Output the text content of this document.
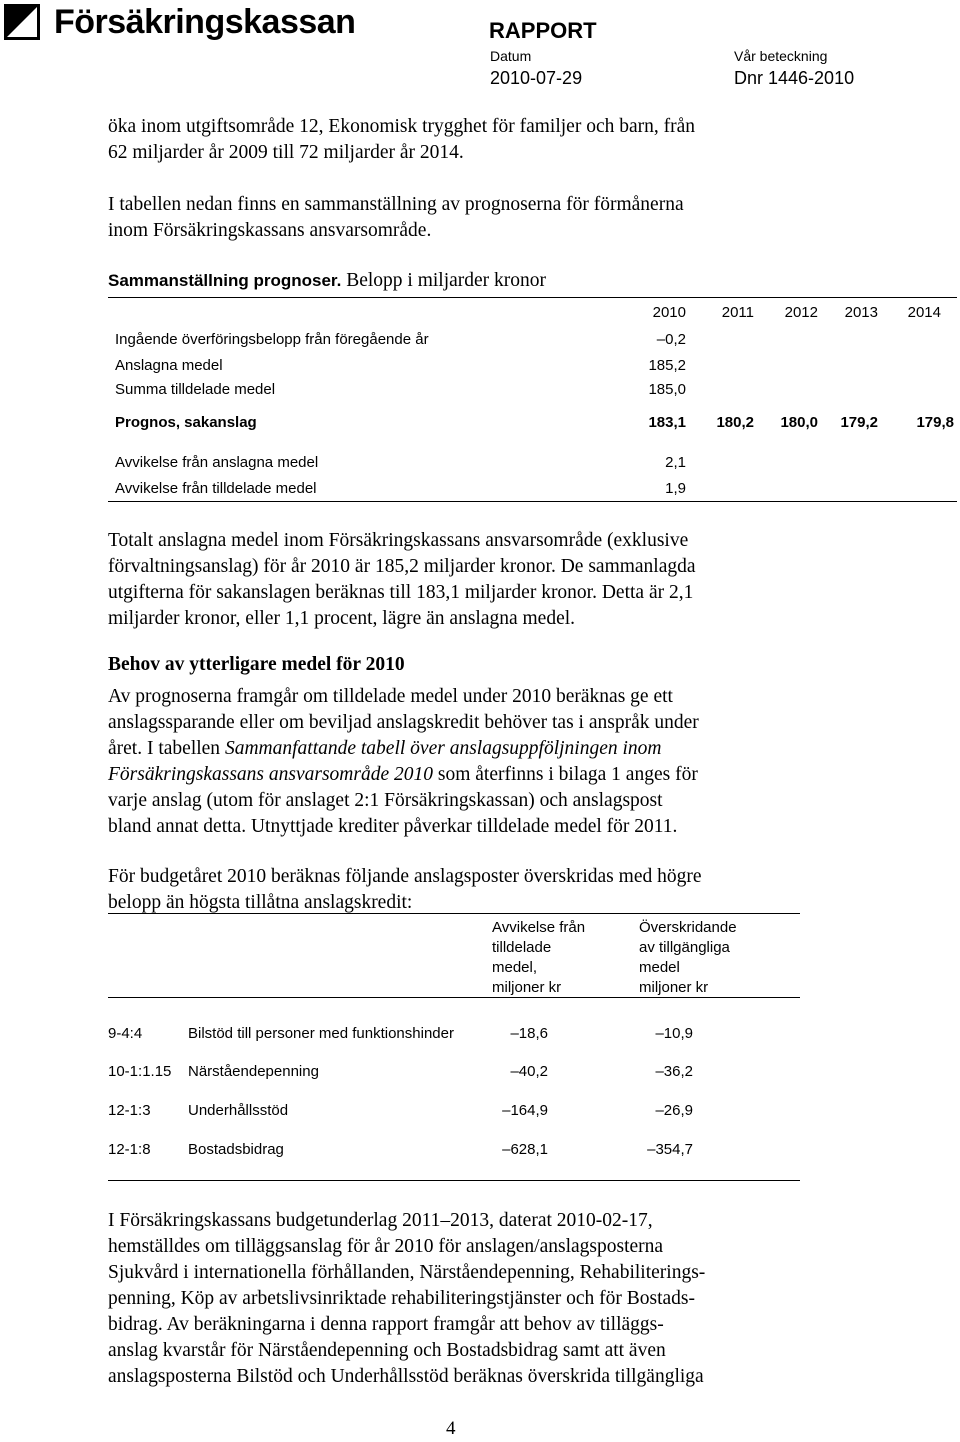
Försäkringskassan	RAPPORT
Datum	Vår beteckning
2010-07-29	Dnr 1446-2010
öka inom utgiftsområde 12, Ekonomisk trygghet för familjer och barn, från
62 miljarder år 2009 till 72 miljarder år 2014.
I tabellen nedan finns en sammanställning av prognoserna för förmånerna
inom Försäkringskassans ansvarsområde.
Sammanställning prognoser. Belopp i miljarder kronor
2010	2011	2012	2013	2014
Ingående överföringsbelopp från föregående år	–0,2
Anslagna medel	185,2
Summa tilldelade medel	185,0
Prognos, sakanslag	183,1	180,2	180,0	179,2	179,8
Avvikelse från anslagna medel	2,1
Avvikelse från tilldelade medel	1,9
Totalt anslagna medel inom Försäkringskassans ansvarsområde (exklusive
förvaltningsanslag) för år 2010 är 185,2 miljarder kronor. De sammanlagda
utgifterna för sakanslagen beräknas till 183,1 miljarder kronor. Detta är 2,1
miljarder kronor, eller 1,1 procent, lägre än anslagna medel.
Behov av ytterligare medel för 2010
Av prognoserna framgår om tilldelade medel under 2010 beräknas ge ett
anslagssparande eller om beviljad anslagskredit behöver tas i anspråk under
året. I tabellen Sammanfattande tabell över anslagsuppföljningen inom
Försäkringskassans ansvarsområde 2010 som återfinns i bilaga 1 anges för
varje anslag (utom för anslaget 2:1 Försäkringskassan) och anslagspost
bland annat detta. Utnyttjade krediter påverkar tilldelade medel för 2011.
För budgetåret 2010 beräknas följande anslagsposter överskridas med högre
belopp än högsta tillåtna anslagskredit:
Avvikelse från
tilldelade
medel,
miljoner kr
Överskridande
av tillgängliga
medel
miljoner kr
9-4:4	Bilstöd till personer med funktionshinder	–18,6	–10,9
10-1:1.15 Närståendepenning	–40,2	–36,2
12-1:3 Underhållsstöd	–164,9	–26,9
12-1:8 Bostadsbidrag	–628,1	–354,7
I Försäkringskassans budgetunderlag 2011–2013, daterat 2010-02-17,
hemställdes om tilläggsanslag för år 2010 för anslagen/anslagsposterna
Sjukvård i internationella förhållanden, Närståendepenning, Rehabiliterings-
penning, Köp av arbetslivsinriktade rehabiliteringstjänster och för Bostads-
bidrag. Av beräkningarna i denna rapport framgår att behov av tilläggs-
anslag kvarstår för Närståendepenning och Bostadsbidrag samt att även
anslagsposterna Bilstöd och Underhållsstöd beräknas överskrida tillgängliga
4
